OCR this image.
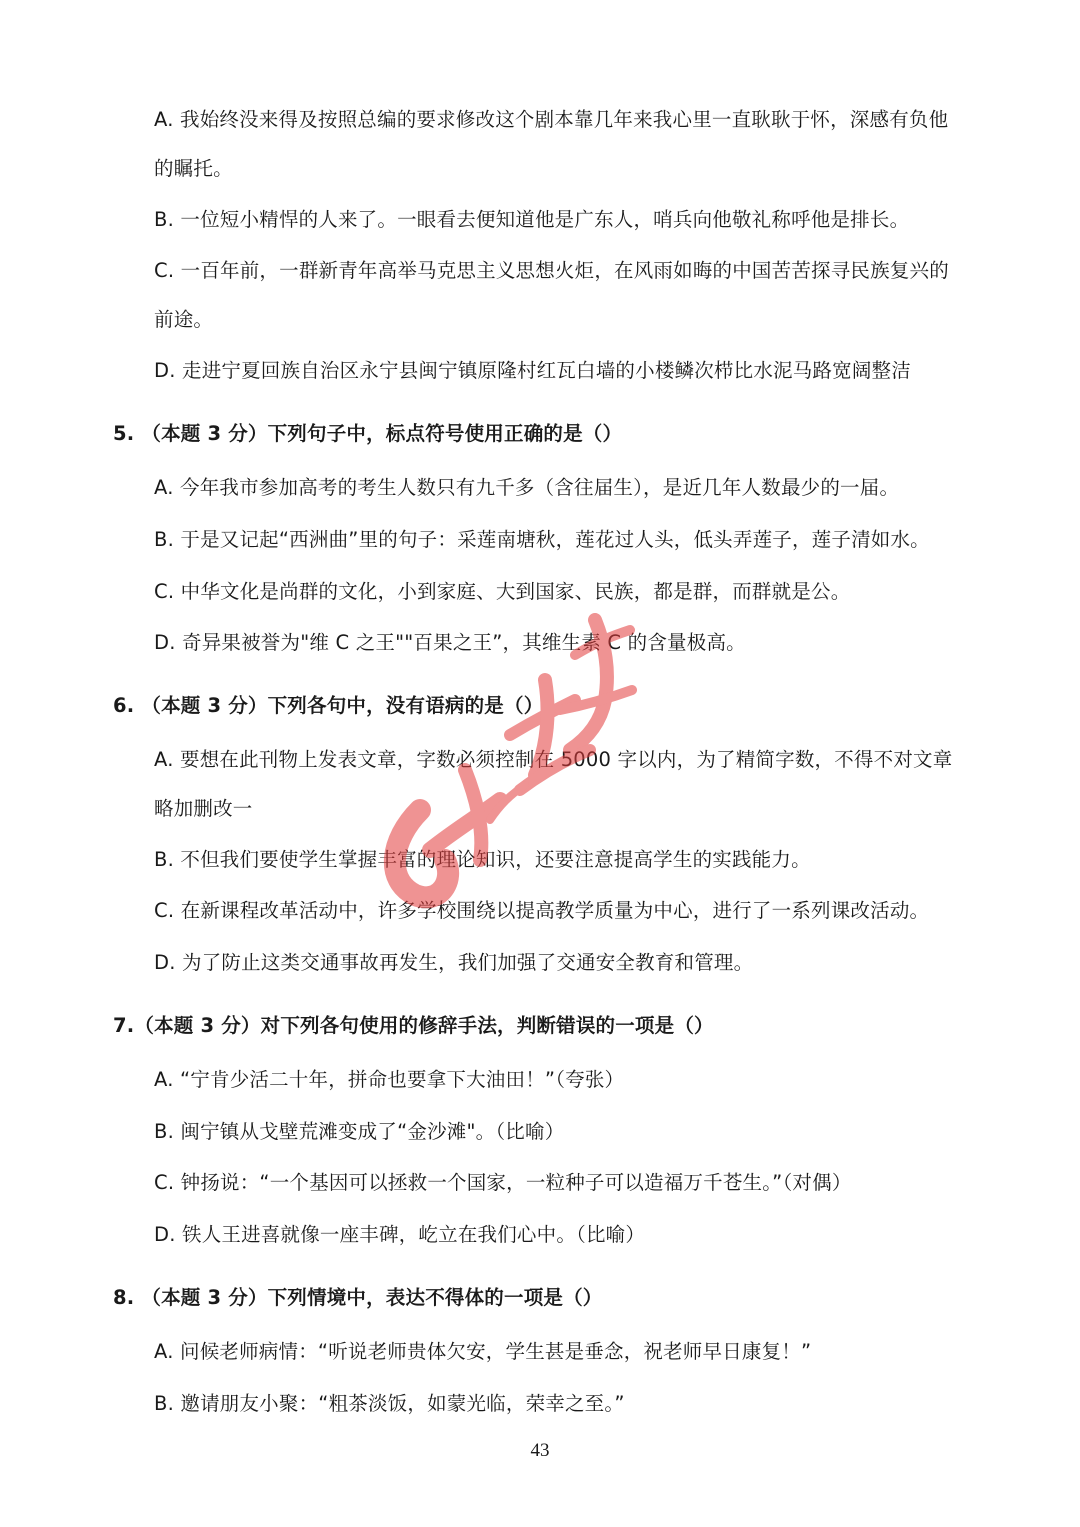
A. 我始终没来得及按照总编的要求修改这个剧本靠几年来我心里一直耿耿于怀，深感有负他
的瞩托。
B. 一位短小精悍的人来了。一眼看去便知道他是广东人，哨兵向他敬礼称呼他是排长。
C. 一百年前，一群新青年高举马克思主义思想火炬，在风雨如晦的中国苦苦探寻民族复兴的
前途。
D. 走进宁夏回族自治区永宁县闽宁镇原隆村红瓦白墙的小楼鳞次栉比水泥马路宽阔整洁
5. （本题 3 分）下列句子中，标点符号使用正确的是（）
A. 今年我市参加高考的考生人数只有九千多（含往届生），是近几年人数最少的一届。
B. 于是又记起“西洲曲”里的句子：采莲南塘秋，莲花过人头，低头弄莲子，莲子清如水。
C. 中华文化是尚群的文化，小到家庭、大到国家、民族，都是群，而群就是公。
D. 奇异果被誉为"维 C 之王""百果之王”，其维生素 C 的含量极高。
6. （本题 3 分）下列各句中，没有语病的是（）
A. 要想在此刊物上发表文章，字数必须控制在 5000 字以内，为了精简字数，不得不对文章
略加删改一
B. 不但我们要使学生掌握丰富的理论知识，还要注意提高学生的实践能力。
C. 在新课程改革活动中，许多学校围绕以提高教学质量为中心，进行了一系列课改活动。
D. 为了防止这类交通事故再发生，我们加强了交通安全教育和管理。
7.（本题 3 分）对下列各句使用的修辞手法，判断错误的一项是（）
A. “宁肯少活二十年，拼命也要拿下大油田！”（夸张）
B. 闽宁镇从戈壁荒滩变成了“金沙滩"。（比喻）
C. 钟扬说：“一个基因可以拯救一个国家，一粒种子可以造福万千苍生。”（对偶）
D. 铁人王进喜就像一座丰碑，屹立在我们心中。（比喻）
8. （本题 3 分）下列情境中，表达不得体的一项是（）
A. 问候老师病情：“听说老师贵体欠安，学生甚是垂念，祝老师早日康复！”
B. 邀请朋友小聚：“粗茶淡饭，如蒙光临，荣幸之至。”
43
